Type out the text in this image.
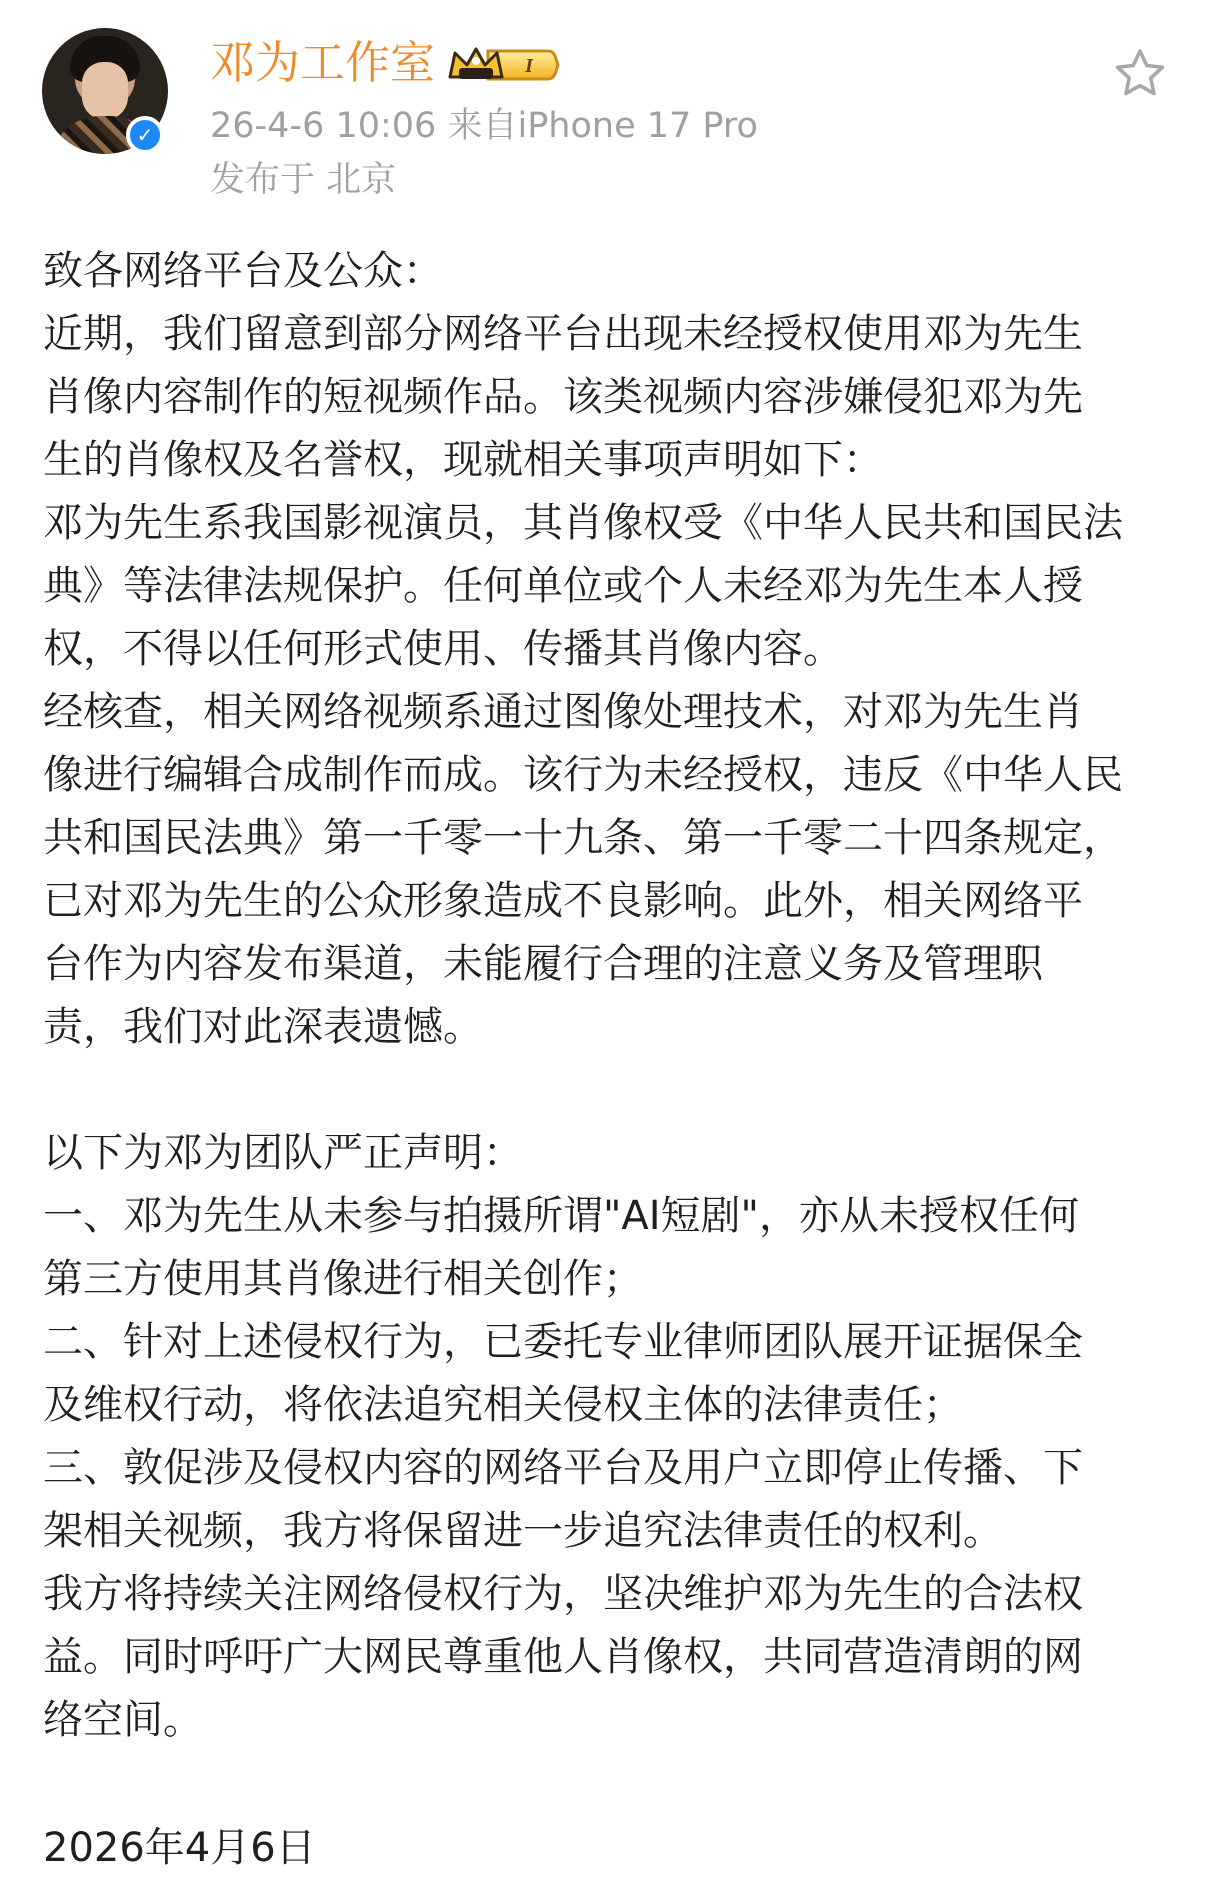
✓
邓为工作室	I
26-4-6 10:06 来自iPhone 17 Pro
发布于 北京
致各网络平台及公众：
近期，我们留意到部分网络平台出现未经授权使用邓为先生
肖像内容制作的短视频作品。该类视频内容涉嫌侵犯邓为先
生的肖像权及名誉权，现就相关事项声明如下：
邓为先生系我国影视演员，其肖像权受《中华人民共和国民法
典》等法律法规保护。任何单位或个人未经邓为先生本人授
权，不得以任何形式使用、传播其肖像内容。
经核查，相关网络视频系通过图像处理技术，对邓为先生肖
像进行编辑合成制作而成。该行为未经授权，违反《中华人民
共和国民法典》第一千零一十九条、第一千零二十四条规定，
已对邓为先生的公众形象造成不良影响。此外，相关网络平
台作为内容发布渠道，未能履行合理的注意义务及管理职
责，我们对此深表遗憾。
以下为邓为团队严正声明：
一、邓为先生从未参与拍摄所谓"AI短剧"，亦从未授权任何
第三方使用其肖像进行相关创作；
二、针对上述侵权行为，已委托专业律师团队展开证据保全
及维权行动，将依法追究相关侵权主体的法律责任；
三、敦促涉及侵权内容的网络平台及用户立即停止传播、下
架相关视频，我方将保留进一步追究法律责任的权利。
我方将持续关注网络侵权行为，坚决维护邓为先生的合法权
益。同时呼吁广大网民尊重他人肖像权，共同营造清朗的网
络空间。
2026年4月6日
